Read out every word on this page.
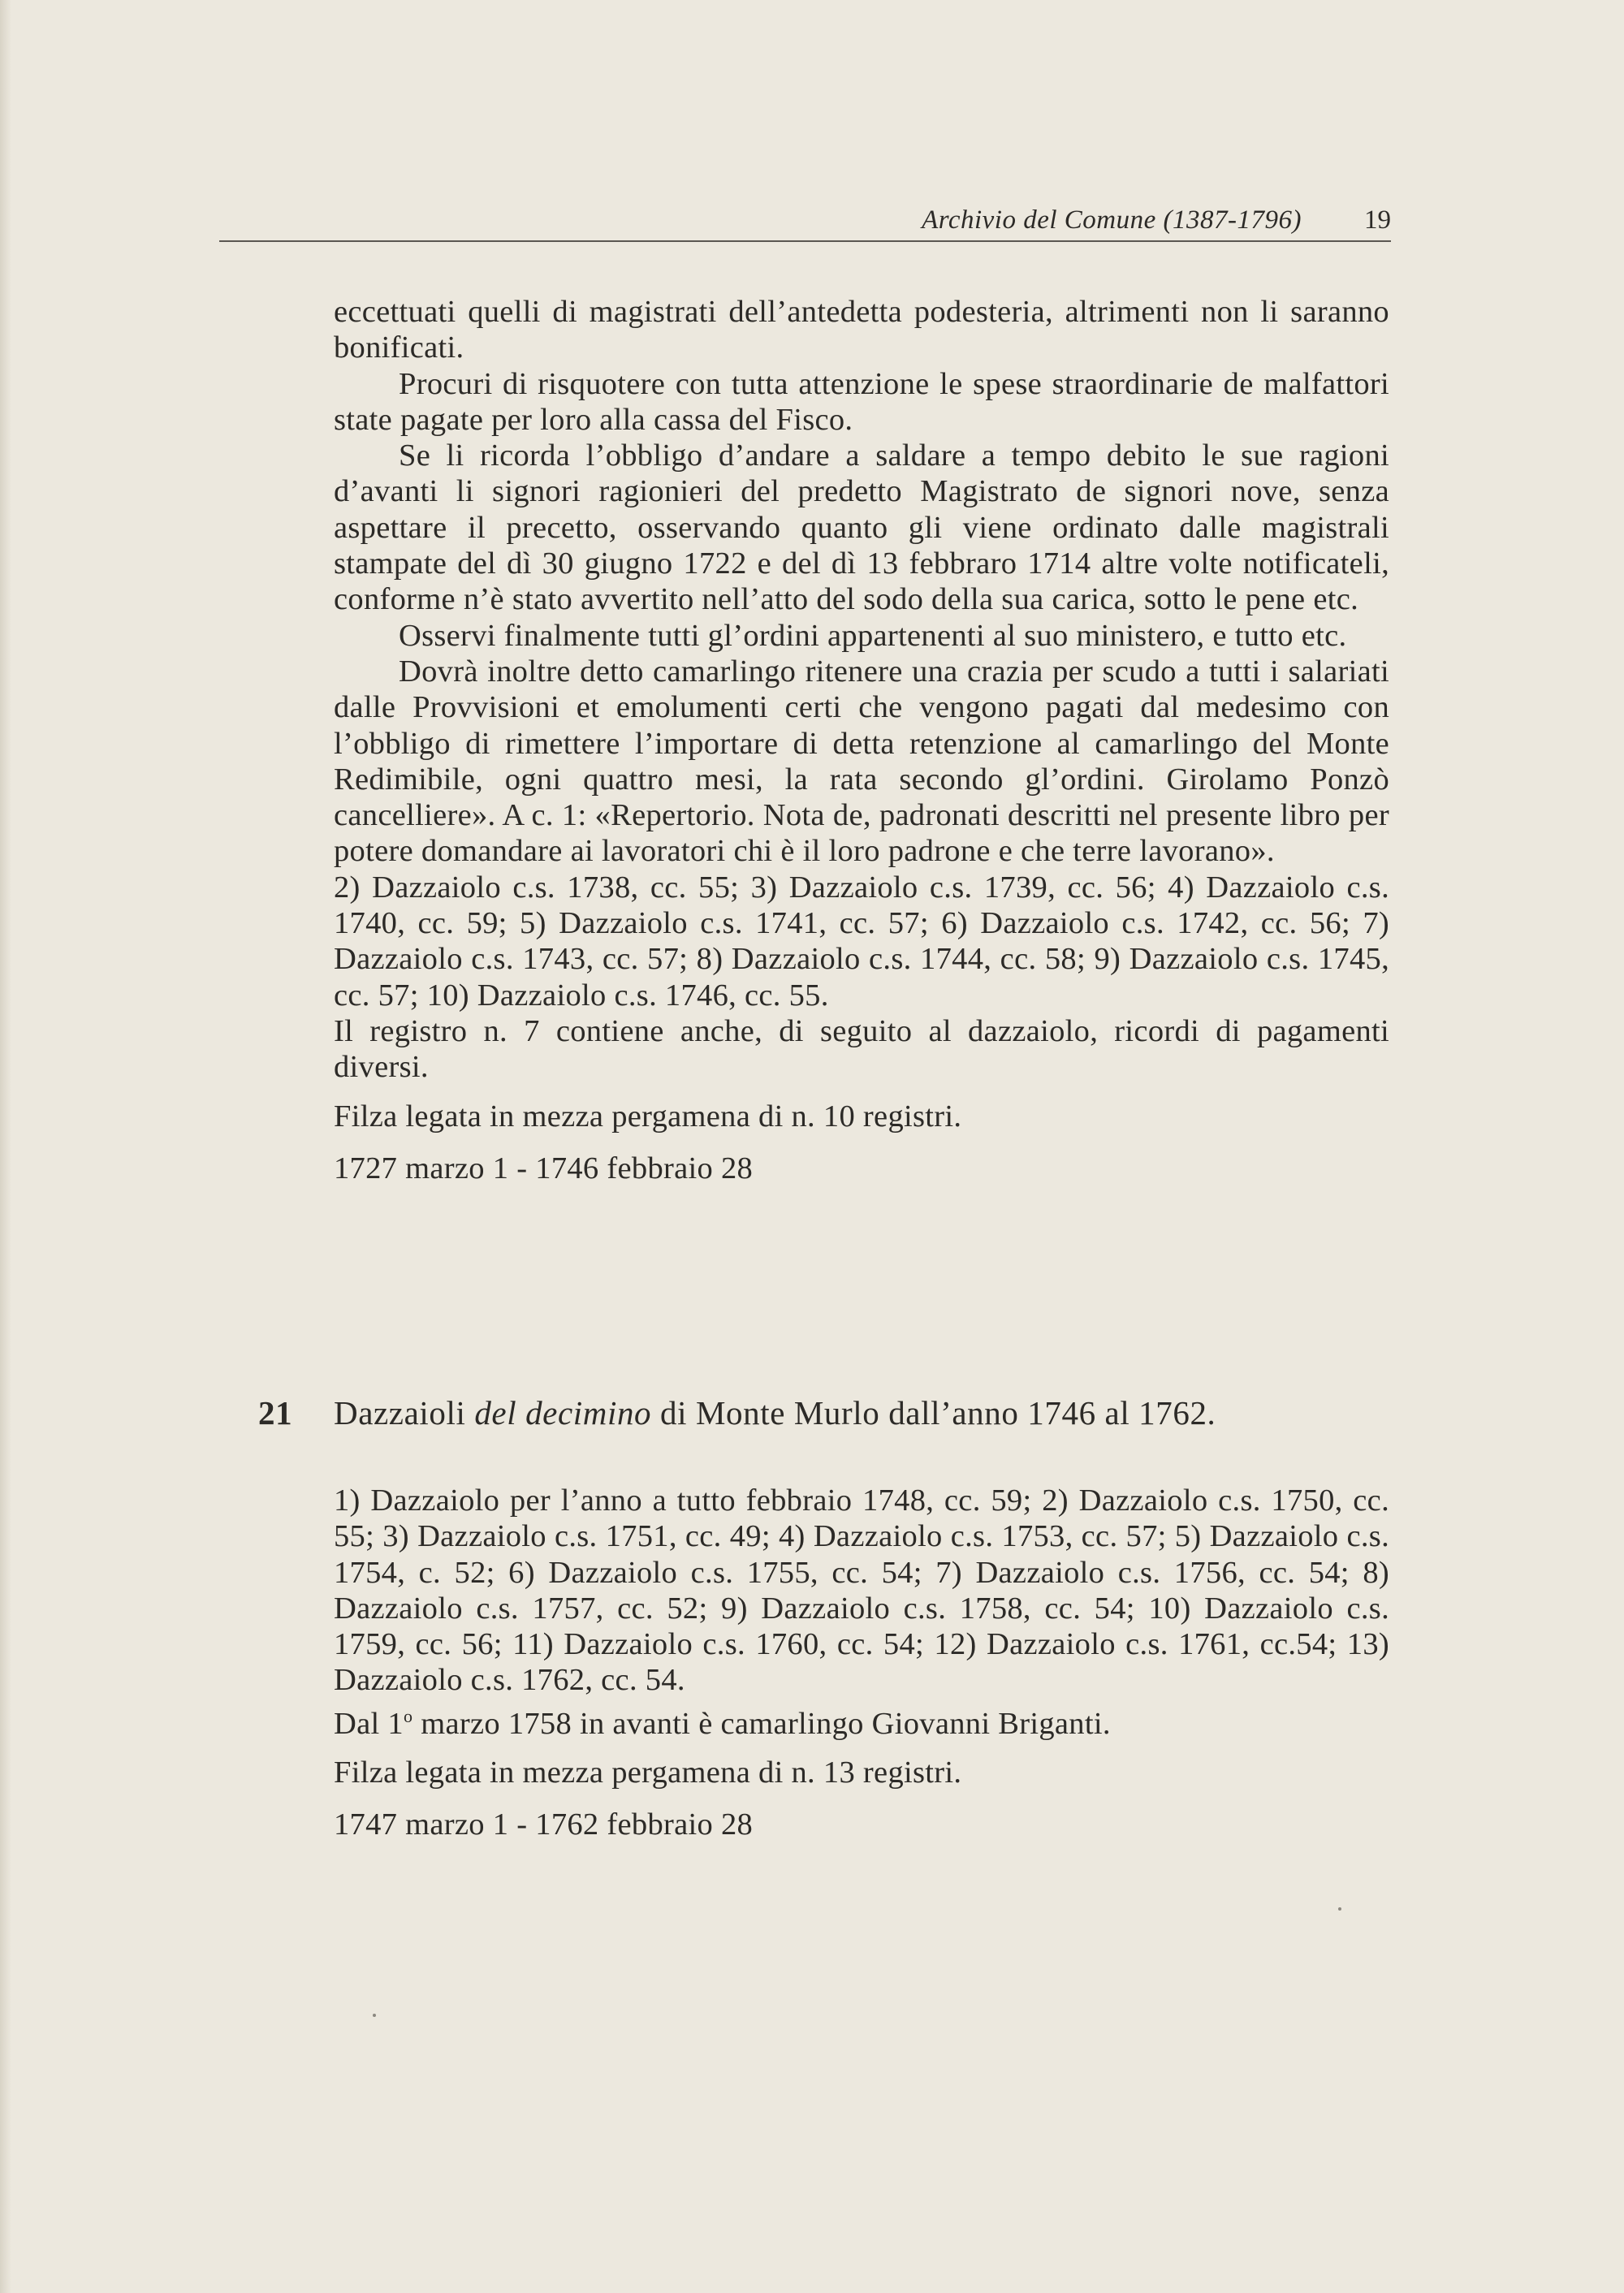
Archivio del Comune (1387-1796) 19

eccettuati quelli di magistrati dell’antedetta podesteria, altrimenti non li saranno bonificati.

Procuri di risquotere con tutta attenzione le spese straordinarie de malfattori state pagate per loro alla cassa del Fisco.

Se li ricorda l’obbligo d’andare a saldare a tempo debito le sue ragioni d’avanti li signori ragionieri del predetto Magistrato de signori nove, senza aspettare il precetto, osservando quanto gli viene ordinato dalle magistrali stampate del dì 30 giugno 1722 e del dì 13 febbraro 1714 altre volte notificateli, conforme n’è stato avvertito nell’atto del sodo della sua carica, sotto le pene etc.

Osservi finalmente tutti gl’ordini appartenenti al suo ministero, e tutto etc.

Dovrà inoltre detto camarlingo ritenere una crazia per scudo a tutti i salariati dalle Provvisioni et emolumenti certi che vengono pagati dal medesimo con l’obbligo di rimettere l’importare di detta retenzione al camarlingo del Monte Redimibile, ogni quattro mesi, la rata secondo gl’ordini. Girolamo Ponzò cancelliere». A c. 1: «Repertorio. Nota de, padronati descritti nel presente libro per potere domandare ai lavoratori chi è il loro padrone e che terre lavorano».

2) Dazzaiolo c.s. 1738, cc. 55; 3) Dazzaiolo c.s. 1739, cc. 56; 4) Dazzaiolo c.s. 1740, cc. 59; 5) Dazzaiolo c.s. 1741, cc. 57; 6) Dazzaiolo c.s. 1742, cc. 56; 7) Dazzaiolo c.s. 1743, cc. 57; 8) Dazzaiolo c.s. 1744, cc. 58; 9) Dazzaiolo c.s. 1745, cc. 57; 10) Dazzaiolo c.s. 1746, cc. 55.

Il registro n. 7 contiene anche, di seguito al dazzaiolo, ricordi di pagamenti diversi.

Filza legata in mezza pergamena di n. 10 registri.

1727 marzo 1 - 1746 febbraio 28

21 Dazzaioli del decimino di Monte Murlo dall’anno 1746 al 1762.

1) Dazzaiolo per l’anno a tutto febbraio 1748, cc. 59; 2) Dazzaiolo c.s. 1750, cc. 55; 3) Dazzaiolo c.s. 1751, cc. 49; 4) Dazzaiolo c.s. 1753, cc. 57; 5) Dazzaiolo c.s. 1754, c. 52; 6) Dazzaiolo c.s. 1755, cc. 54; 7) Dazzaiolo c.s. 1756, cc. 54; 8) Dazzaiolo c.s. 1757, cc. 52; 9) Dazzaiolo c.s. 1758, cc. 54; 10) Dazzaiolo c.s. 1759, cc. 56; 11) Dazzaiolo c.s. 1760, cc. 54; 12) Dazzaiolo c.s. 1761, cc.54; 13) Dazzaiolo c.s. 1762, cc. 54.

Dal 1$^o$ marzo 1758 in avanti è camarlingo Giovanni Briganti.

Filza legata in mezza pergamena di n. 13 registri.

1747 marzo 1 - 1762 febbraio 28
